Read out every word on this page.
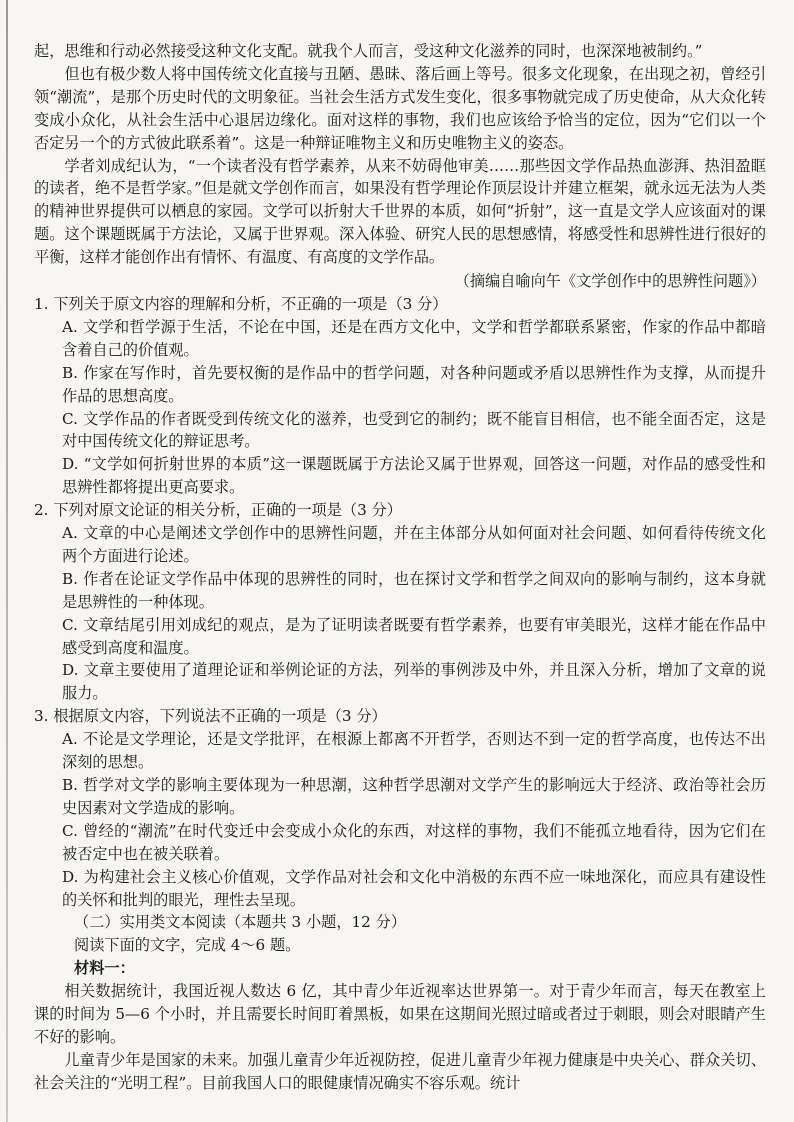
起，思维和行动必然接受这种文化支配。就我个人而言，受这种文化滋养的同时，也深深地被制约。”

但也有极少数人将中国传统文化直接与丑陋、愚昧、落后画上等号。很多文化现象，在出现之初，曾经引领“潮流”，是那个历史时代的文明象征。当社会生活方式发生变化，很多事物就完成了历史使命，从大众化转变成小众化，从社会生活中心退居边缘化。面对这样的事物，我们也应该给予恰当的定位，因为“它们以一个否定另一个的方式彼此联系着”。这是一种辩证唯物主义和历史唯物主义的姿态。

学者刘成纪认为，“一个读者没有哲学素养，从来不妨碍他审美……那些因文学作品热血澎湃、热泪盈眶的读者，绝不是哲学家。”但是就文学创作而言，如果没有哲学理论作顶层设计并建立框架，就永远无法为人类的精神世界提供可以栖息的家园。文学可以折射大千世界的本质，如何“折射”，这一直是文学人应该面对的课题。这个课题既属于方法论，又属于世界观。深入体验、研究人民的思想感情，将感受性和思辨性进行很好的平衡，这样才能创作出有情怀、有温度、有高度的文学作品。

（摘编自喻向午《文学创作中的思辨性问题》）

1. 下列关于原文内容的理解和分析，不正确的一项是（3 分）

A. 文学和哲学源于生活，不论在中国，还是在西方文化中，文学和哲学都联系紧密，作家的作品中都暗含着自己的价值观。

B. 作家在写作时，首先要权衡的是作品中的哲学问题，对各种问题或矛盾以思辨性作为支撑，从而提升作品的思想高度。

C. 文学作品的作者既受到传统文化的滋养，也受到它的制约；既不能盲目相信，也不能全面否定，这是对中国传统文化的辩证思考。

D. “文学如何折射世界的本质”这一课题既属于方法论又属于世界观，回答这一问题，对作品的感受性和思辨性都将提出更高要求。

2. 下列对原文论证的相关分析，正确的一项是（3 分）

A. 文章的中心是阐述文学创作中的思辨性问题，并在主体部分从如何面对社会问题、如何看待传统文化两个方面进行论述。

B. 作者在论证文学作品中体现的思辨性的同时，也在探讨文学和哲学之间双向的影响与制约，这本身就是思辨性的一种体现。

C. 文章结尾引用刘成纪的观点，是为了证明读者既要有哲学素养，也要有审美眼光，这样才能在作品中感受到高度和温度。

D. 文章主要使用了道理论证和举例论证的方法，列举的事例涉及中外，并且深入分析，增加了文章的说服力。

3. 根据原文内容，下列说法不正确的一项是（3 分）

A. 不论是文学理论，还是文学批评，在根源上都离不开哲学，否则达不到一定的哲学高度，也传达不出深刻的思想。

B. 哲学对文学的影响主要体现为一种思潮，这种哲学思潮对文学产生的影响远大于经济、政治等社会历史因素对文学造成的影响。

C. 曾经的“潮流”在时代变迁中会变成小众化的东西，对这样的事物，我们不能孤立地看待，因为它们在被否定中也在被关联着。

D. 为构建社会主义核心价值观，文学作品对社会和文化中消极的东西不应一味地深化，而应具有建设性的关怀和批判的眼光，理性去呈现。

（二）实用类文本阅读（本题共 3 小题，12 分）

阅读下面的文字，完成 4～6 题。

材料一：

相关数据统计，我国近视人数达 6 亿，其中青少年近视率达世界第一。对于青少年而言，每天在教室上课的时间为 5—6 个小时，并且需要长时间盯着黑板，如果在这期间光照过暗或者过于刺眼，则会对眼睛产生不好的影响。

儿童青少年是国家的未来。加强儿童青少年近视防控，促进儿童青少年视力健康是中央关心、群众关切、社会关注的“光明工程”。目前我国人口的眼健康情况确实不容乐观。统计
